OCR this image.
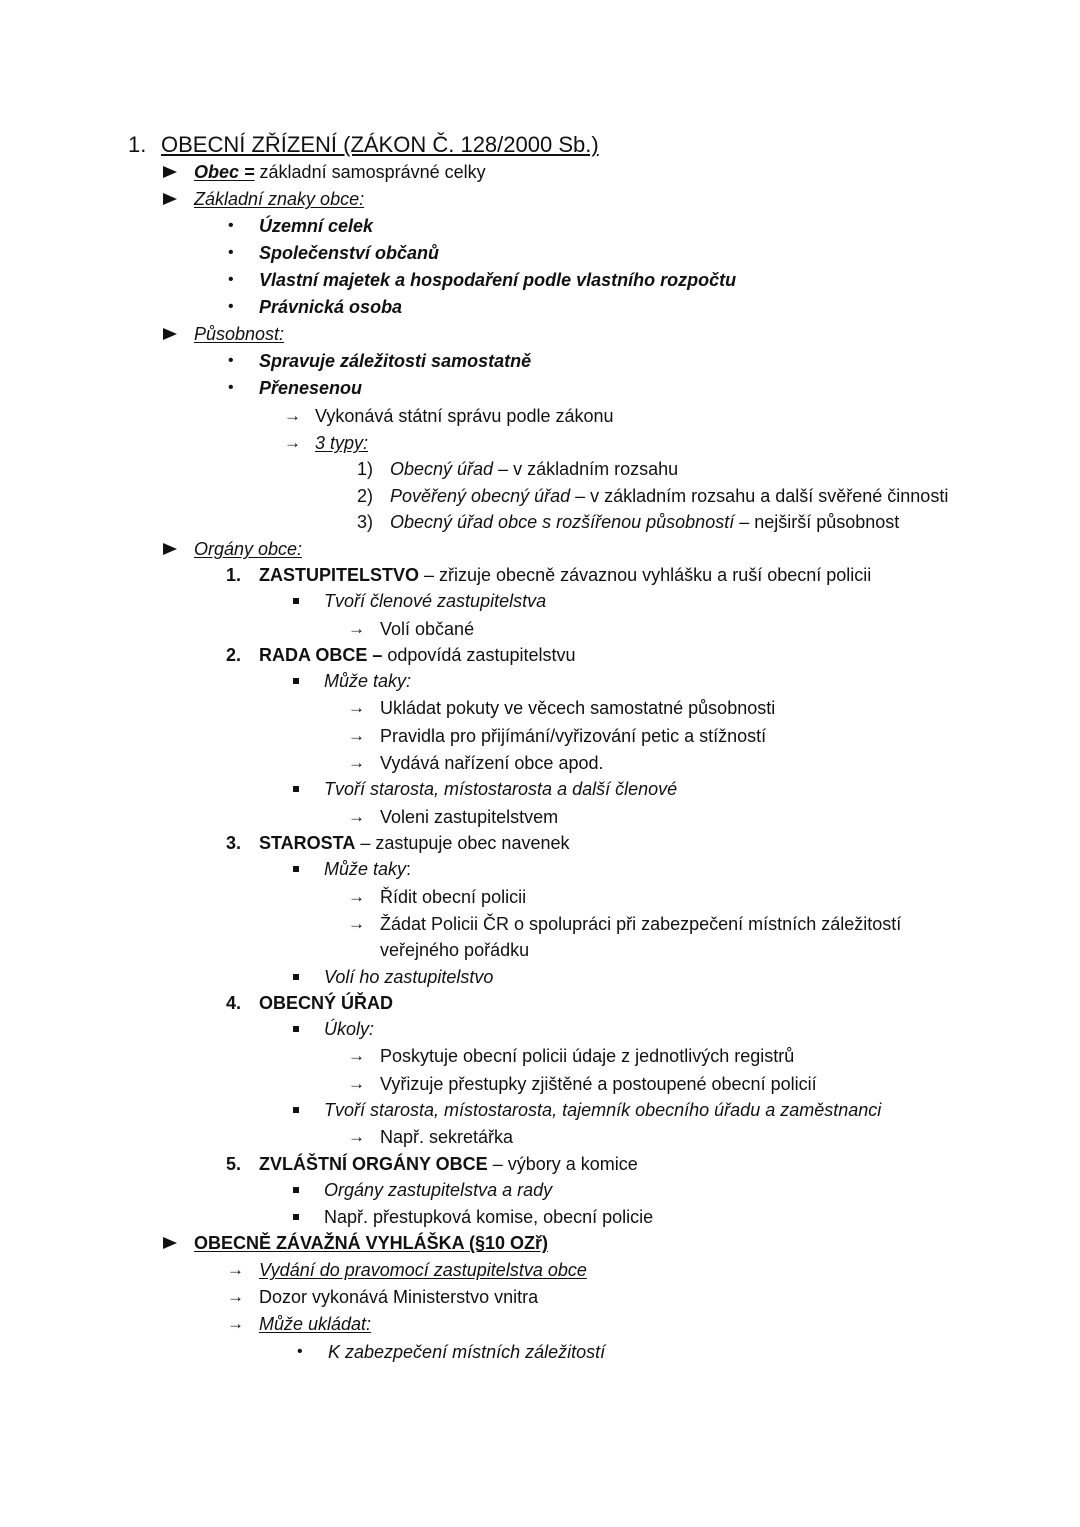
1. OBECNÍ ZŘÍZENÍ (ZÁKON Č. 128/2000 Sb.)
Obec = základní samosprávné celky
Základní znaky obce:
• Územní celek
• Společenství občanů
• Vlastní majetek a hospodaření podle vlastního rozpočtu
• Právnická osoba
Působnost:
• Spravuje záležitosti samostatně
• Přenesenou
→ Vykonává státní správu podle zákonu
→ 3 typy:
1) Obecný úřad – v základním rozsahu
2) Pověřený obecný úřad – v základním rozsahu a další svěřené činnosti
3) Obecný úřad obce s rozšířenou působností – nejširší působnost
Orgány obce:
1. ZASTUPITELSTVO – zřizuje obecně závaznou vyhlášku a ruší obecní policii
Tvoří členové zastupitelstva
→ Volí občané
2. RADA OBCE – odpovídá zastupitelstvu
Může taky:
→ Ukládat pokuty ve věcech samostatné působnosti
→ Pravidla pro přijímání/vyřizování petic a stížností
→ Vydává nařízení obce apod.
Tvoří starosta, místostarosta a další členové
→ Voleni zastupitelstvem
3. STAROSTA – zastupuje obec navenek
Může taky:
→ Řídit obecní policii
→ Žádat Policii ČR o spolupráci při zabezpečení místních záležitostí
veřejného pořádku
Volí ho zastupitelstvo
4. OBECNÝ ÚŘAD
Úkoly:
→ Poskytuje obecní policii údaje z jednotlivých registrů
→ Vyřizuje přestupky zjištěné a postoupené obecní policií
Tvoří starosta, místostarosta, tajemník obecního úřadu a zaměstnanci
→ Např. sekretářka
5. ZVLÁŠTNÍ ORGÁNY OBCE – výbory a komice
Orgány zastupitelstva a rady
Např. přestupková komise, obecní policie
OBECNĚ ZÁVAŽNÁ VYHLÁŠKA (§10 OZř)
→ Vydání do pravomocí zastupitelstva obce
→ Dozor vykonává Ministerstvo vnitra
→ Může ukládat:
• K zabezpečení místních záležitostí
